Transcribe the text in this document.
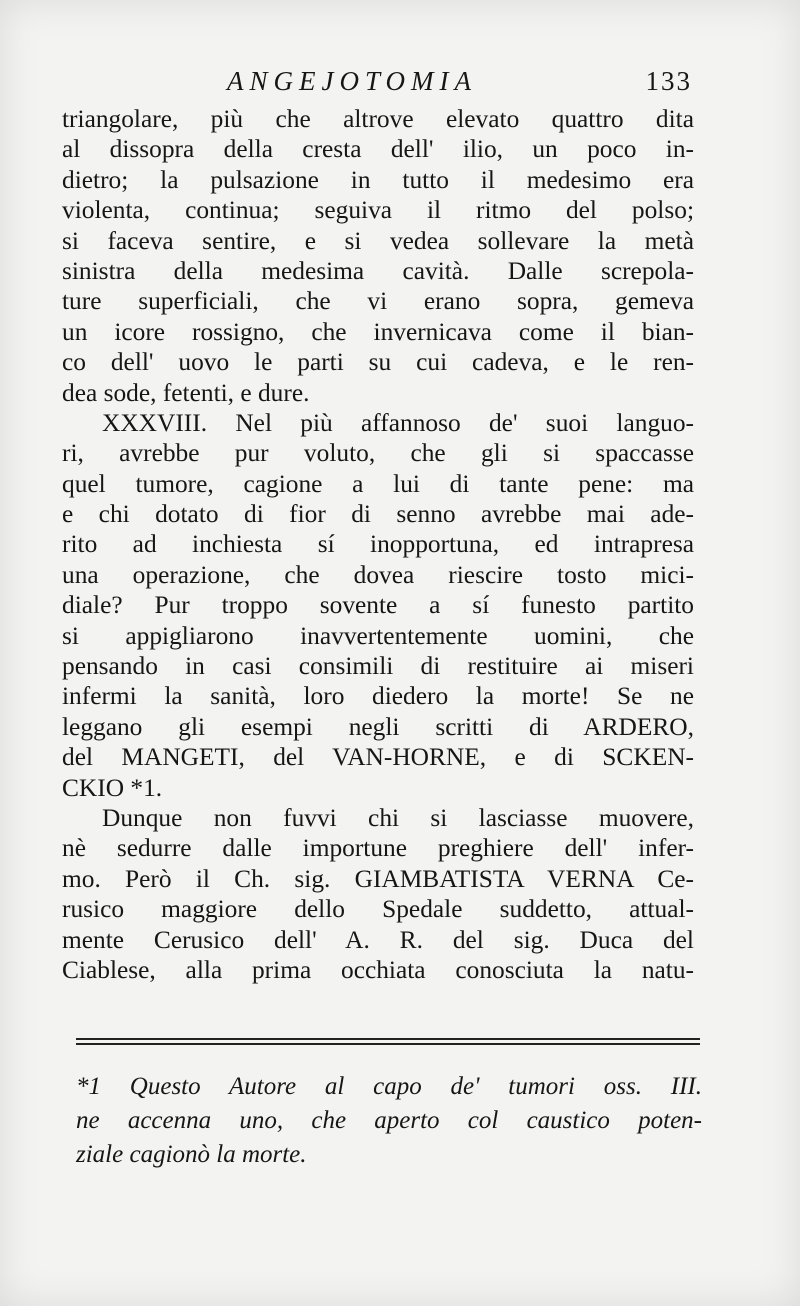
ANGEJOTOMIA	133
triangolare, più che altrove elevato quattro dita
al dissopra della cresta dell' ilio, un poco in-
dietro; la pulsazione in tutto il medesimo era
violenta, continua; seguiva il ritmo del polso;
si faceva sentire, e si vedea sollevare la metà
sinistra della medesima cavità. Dalle screpola-
ture superficiali, che vi erano sopra, gemeva
un icore rossigno, che invernicava come il bian-
co dell' uovo le parti su cui cadeva, e le ren-
dea sode, fetenti, e dure.
XXXVIII. Nel più affannoso de' suoi languo-
ri, avrebbe pur voluto, che gli si spaccasse
quel tumore, cagione a lui di tante pene: ma
e chi dotato di fior di senno avrebbe mai ade-
rito ad inchiesta sí inopportuna, ed intrapresa
una operazione, che dovea riescire tosto mici-
diale? Pur troppo sovente a sí funesto partito
si appigliarono inavvertentemente uomini, che
pensando in casi consimili di restituire ai miseri
infermi la sanità, loro diedero la morte! Se ne
leggano gli esempi negli scritti di ARDERO,
del MANGETI, del VAN-HORNE, e di SCKEN-
CKIO *1.
Dunque non fuvvi chi si lasciasse muovere,
nè sedurre dalle importune preghiere dell' infer-
mo. Però il Ch. sig. GIAMBATISTA VERNA Ce-
rusico maggiore dello Spedale suddetto, attual-
mente Cerusico dell' A. R. del sig. Duca del
Ciablese, alla prima occhiata conosciuta la natu-
*1 Questo Autore al capo de' tumori oss. III.
ne accenna uno, che aperto col caustico poten-
ziale cagionò la morte.
